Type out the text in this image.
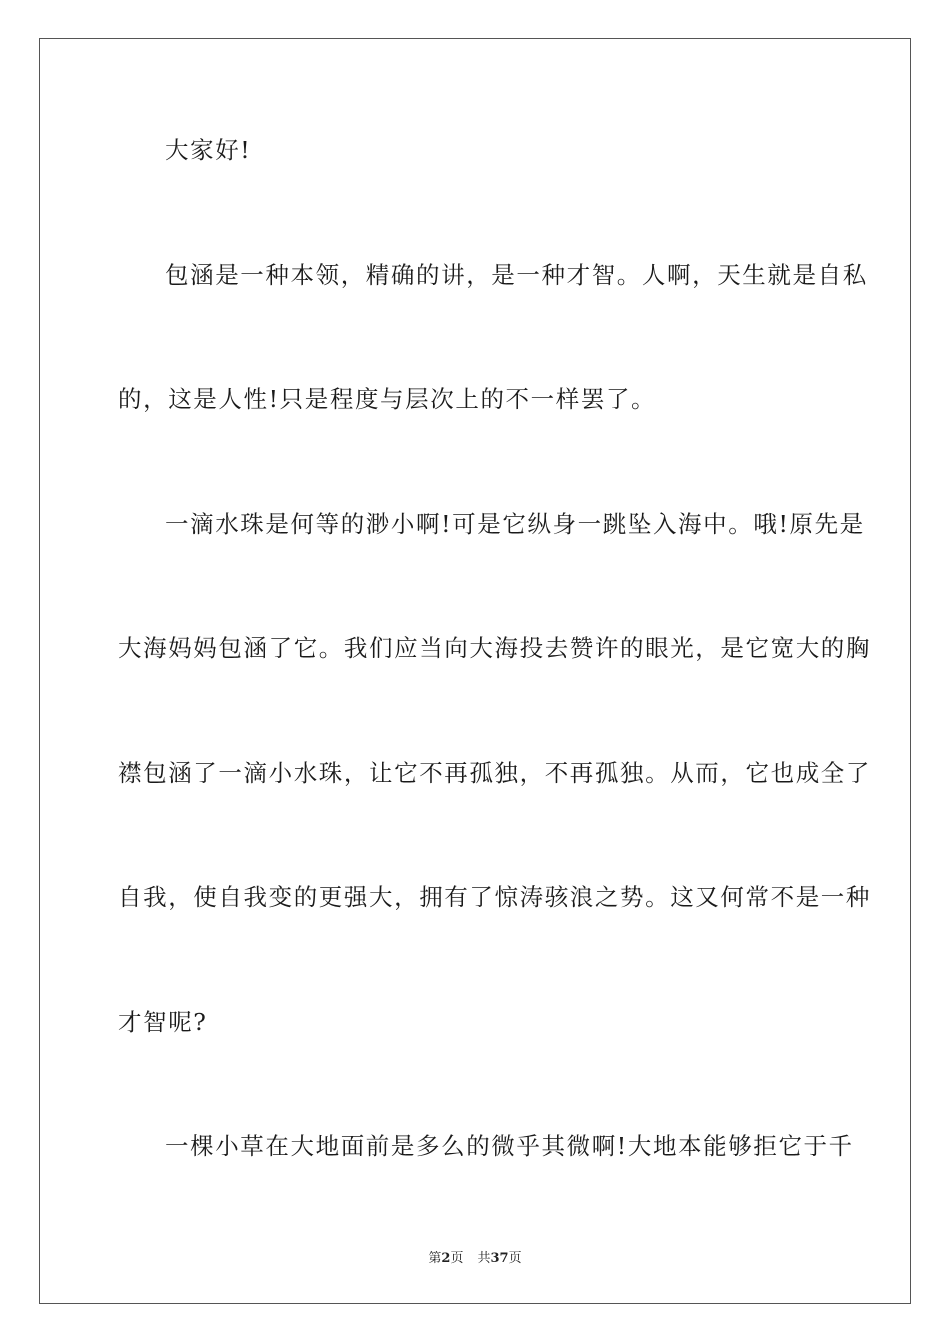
大家好!
包涵是一种本领，精确的讲，是一种才智。人啊，天生就是自私
的，这是人性!只是程度与层次上的不一样罢了。
一滴水珠是何等的渺小啊!可是它纵身一跳坠入海中。哦!原先是
大海妈妈包涵了它。我们应当向大海投去赞许的眼光，是它宽大的胸
襟包涵了一滴小水珠，让它不再孤独，不再孤独。从而，它也成全了
自我，使自我变的更强大，拥有了惊涛骇浪之势。这又何常不是一种
才智呢?
一棵小草在大地面前是多么的微乎其微啊!大地本能够拒它于千
第2页 共37页
